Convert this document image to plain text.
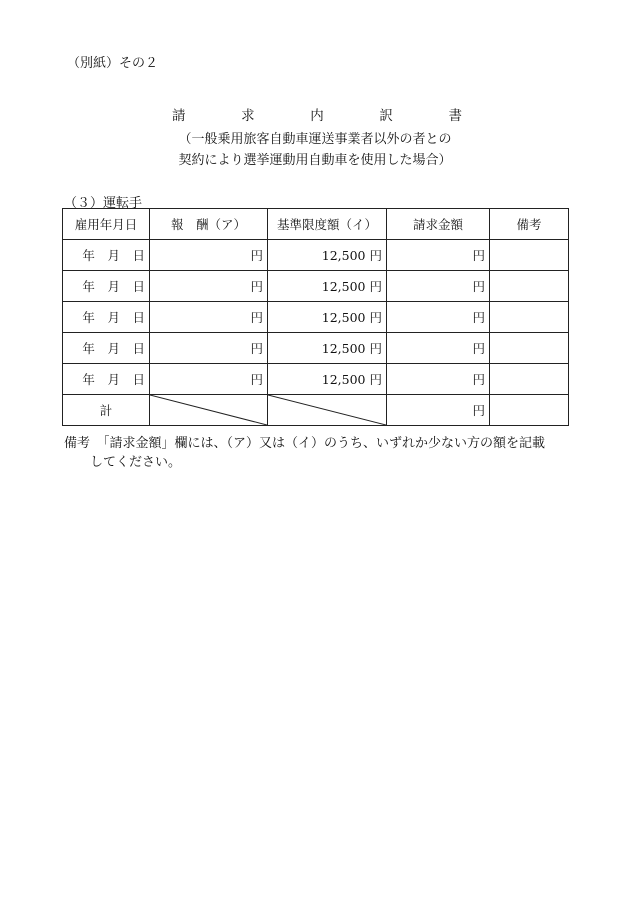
（別紙）その２
請	求	内	訳	書
（一般乗用旅客自動車運送事業者以外の者との
契約により選挙運動用自動車を使用した場合）
（３）運転手
雇用年月日	報　酬（ア）	基準限度額（イ）	請求金額	備考
年　 月　 日	円	12,500 円	円	
年　 月　 日	円	12,500 円	円	
年　 月　 日	円	12,500 円	円	
年　 月　 日	円	12,500 円	円	
年　 月　 日	円	12,500 円	円	
計			円	
備考　「請求金額」欄には、（ア）又は（イ）のうち、いずれか少ない方の額を記載
してください。
